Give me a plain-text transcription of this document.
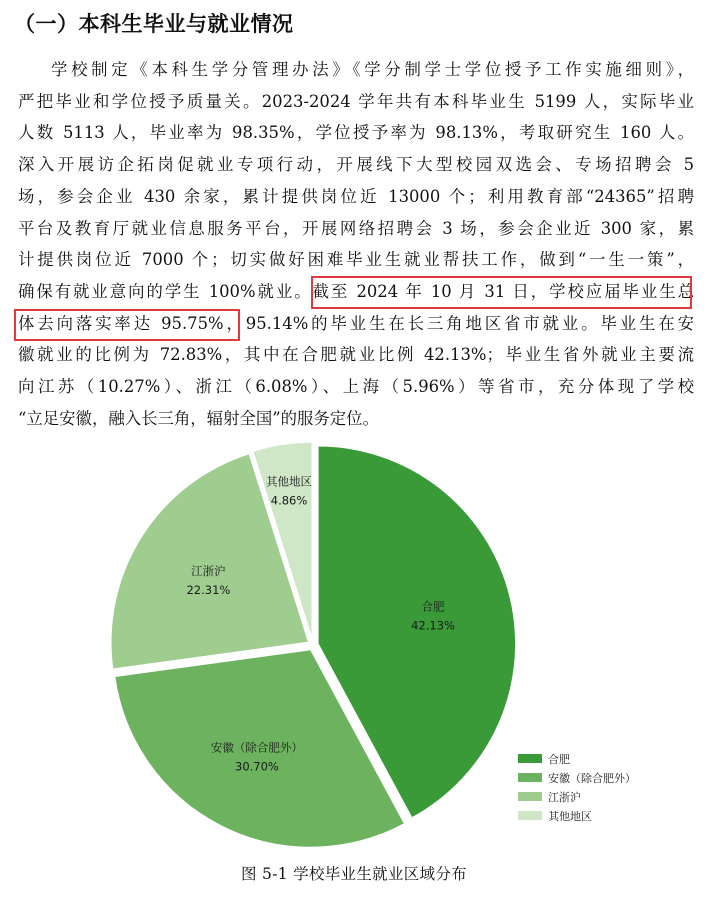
（一）本科生毕业与就业情况
学校制定《本科生学分管理办法》《学分制学士学位授予工作实施细则》，
严把毕业和学位授予质量关。2023-2024 学年共有本科毕业生 5199 人，实际毕业
人数 5113 人，毕业率为 98.35%，学位授予率为 98.13%，考取研究生 160 人。
深入开展访企拓岗促就业专项行动，开展线下大型校园双选会、专场招聘会 5
场，参会企业 430 余家，累计提供岗位近 13000 个；利用教育部“24365”招聘
平台及教育厅就业信息服务平台，开展网络招聘会 3 场，参会企业近 300 家，累
计提供岗位近 7000 个；切实做好困难毕业生就业帮扶工作，做到“一生一策”，
确保有就业意向的学生 100%就业。截至 2024 年 10 月 31 日，学校应届毕业生总
体去向落实率达 95.75%，95.14%的毕业生在长三角地区省市就业。毕业生在安
徽就业的比例为 72.83%，其中在合肥就业比例 42.13%；毕业生省外就业主要流
向江苏（10.27%）、浙江（6.08%）、上海（5.96%）等省市，充分体现了学校
“立足安徽，融入长三角，辐射全国”的服务定位。
合肥
42.13%
安徽（除合肥外）
30.70%
江浙沪
22.31%
其他地区
4.86%
合肥
安徽（除合肥外）
江浙沪
其他地区
图 5-1 学校毕业生就业区域分布
